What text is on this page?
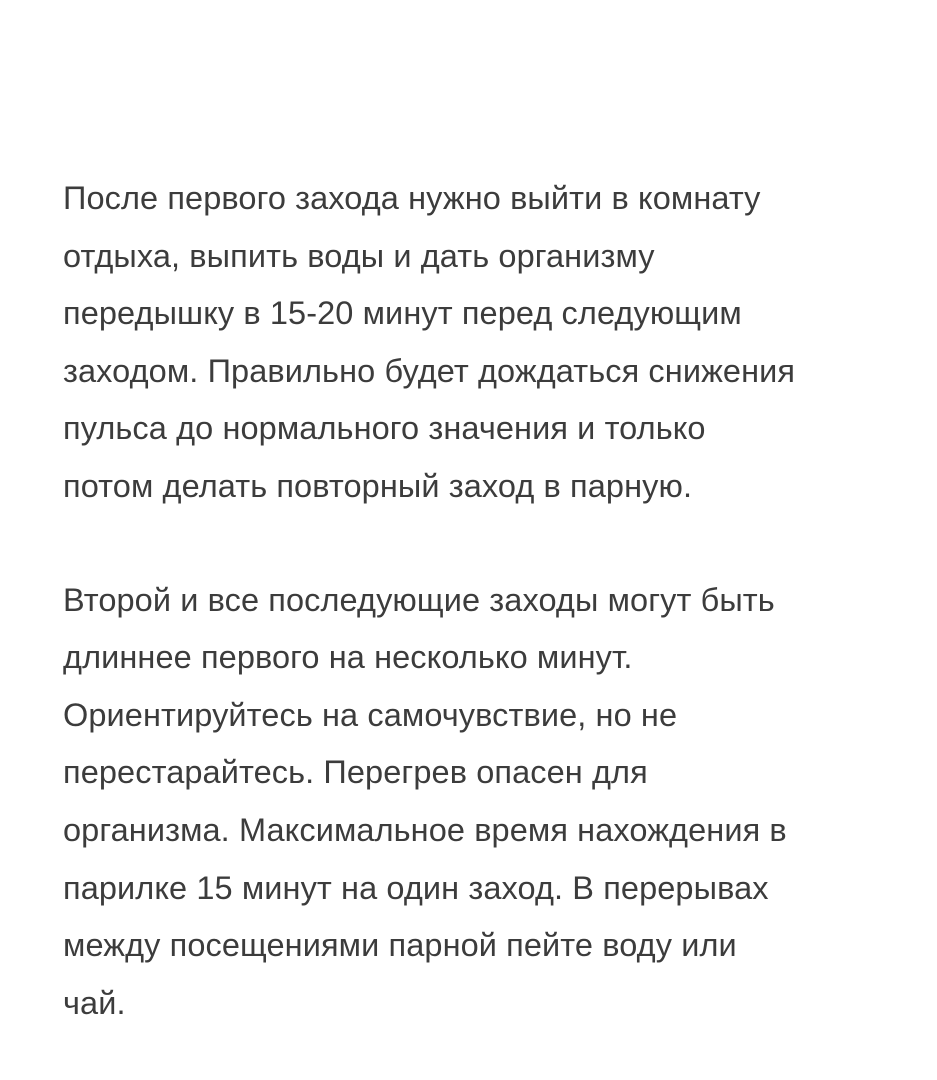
После первого захода нужно выйти в комнату
отдыха, выпить воды и дать организму
передышку в 15-20 минут перед следующим
заходом. Правильно будет дождаться снижения
пульса до нормального значения и только
потом делать повторный заход в парную.
Второй и все последующие заходы могут быть
длиннее первого на несколько минут.
Ориентируйтесь на самочувствие, но не
перестарайтесь. Перегрев опасен для
организма. Максимальное время нахождения в
парилке 15 минут на один заход. В перерывах
между посещениями парной пейте воду или
чай.
